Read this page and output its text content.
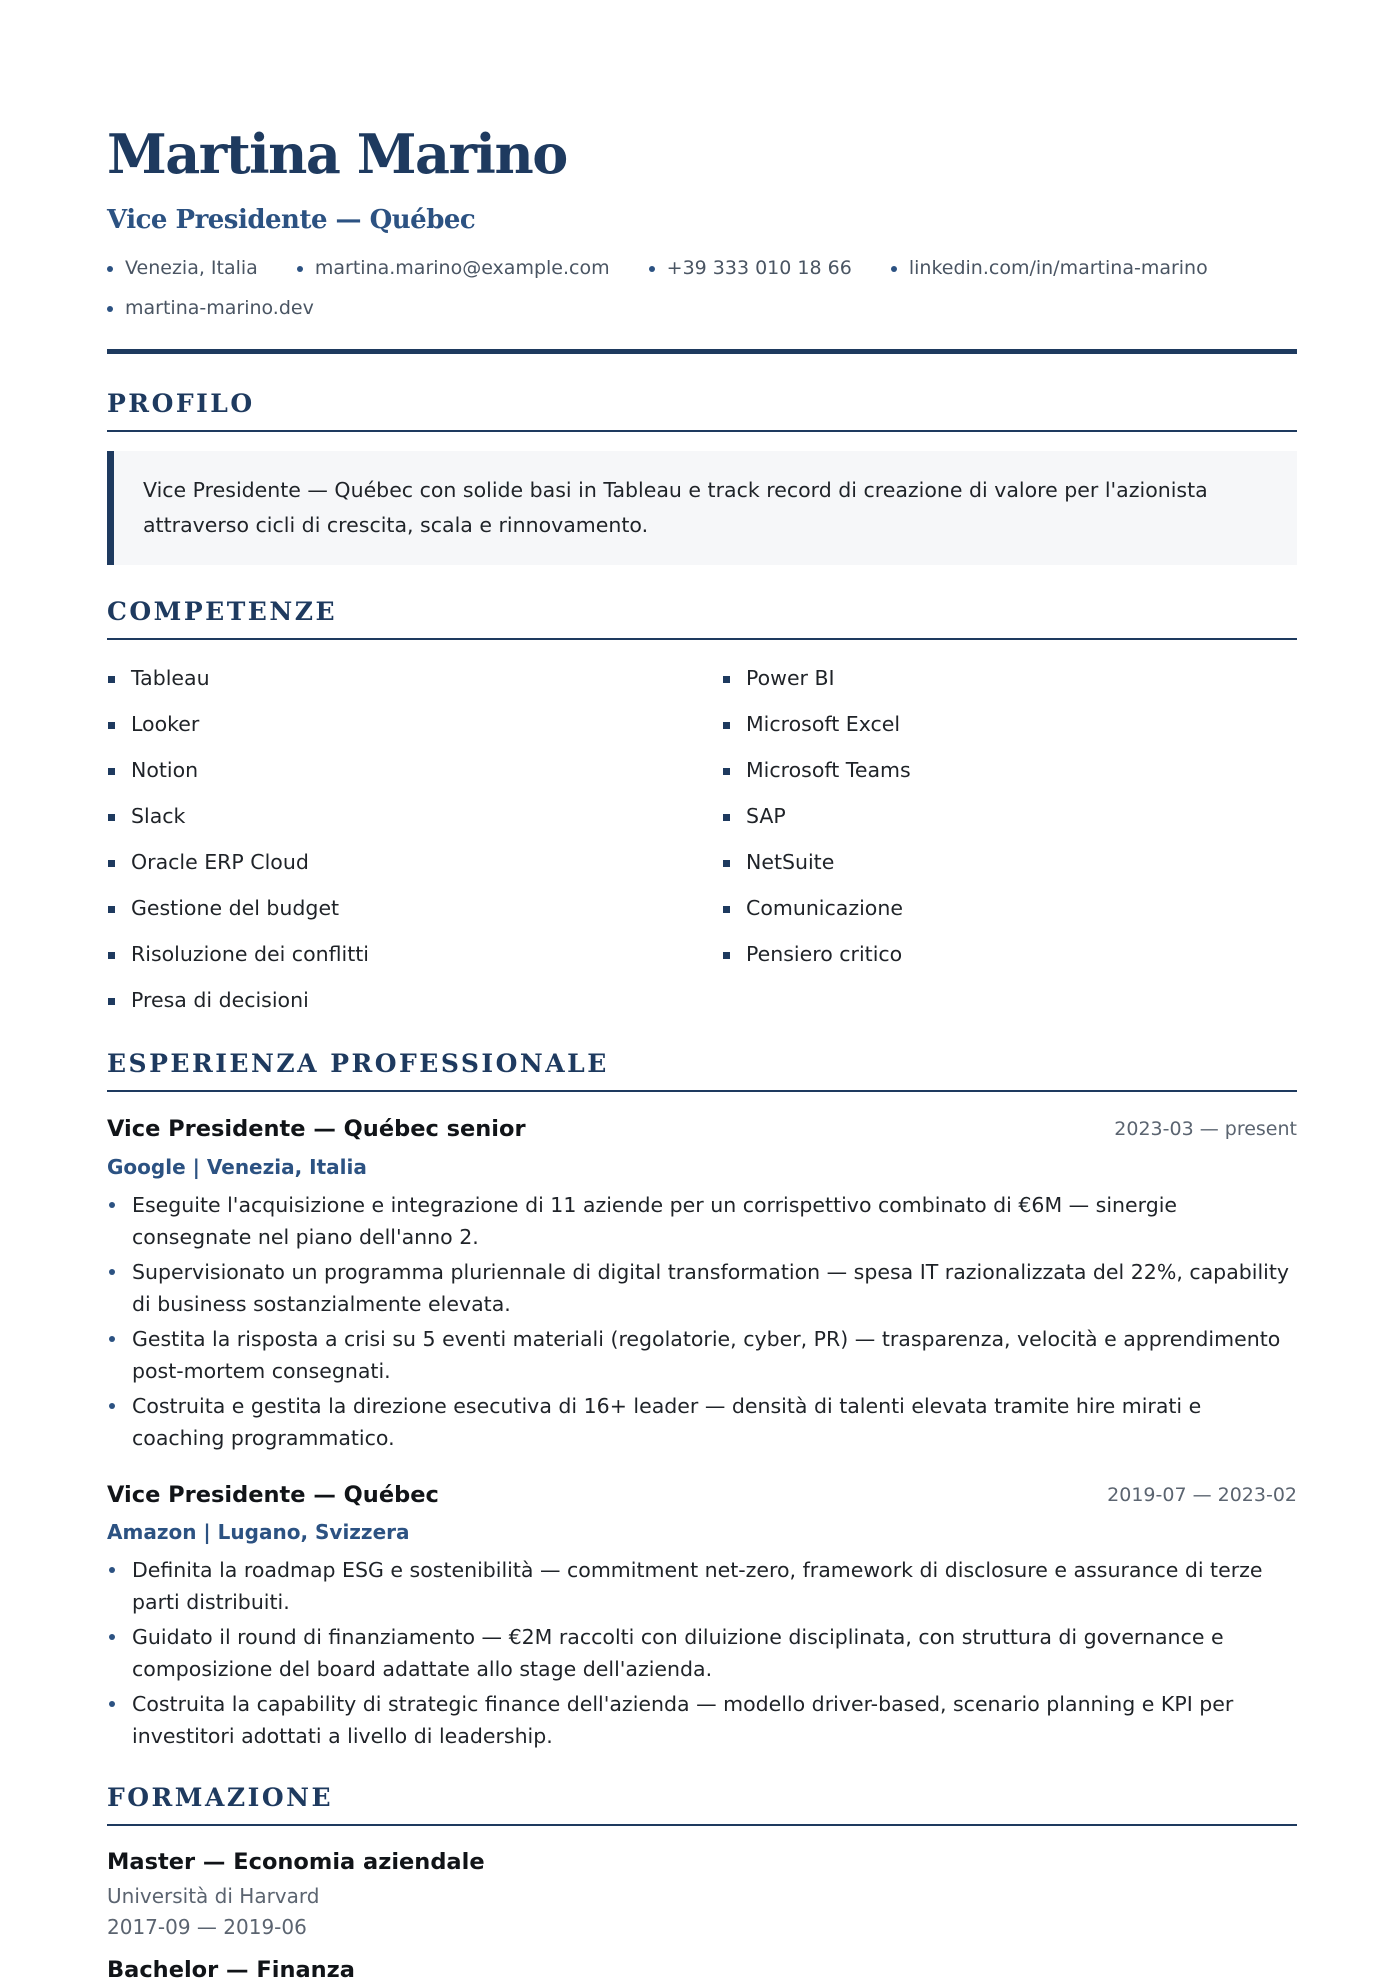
Martina Marino
Vice Presidente — Québec
Venezia, Italia	martina.marino@example.com	+39 333 010 18 66	linkedin.com/in/martina-marino
martina-marino.dev
PROFILO
Vice Presidente — Québec con solide basi in Tableau e track record di creazione di valore per l'azionista attraverso cicli di crescita, scala e rinnovamento.
COMPETENZE
Tableau
Looker
Notion
Slack
Oracle ERP Cloud
Gestione del budget
Risoluzione dei conflitti
Presa di decisioni
Power BI
Microsoft Excel
Microsoft Teams
SAP
NetSuite
Comunicazione
Pensiero critico
ESPERIENZA PROFESSIONALE
Vice Presidente — Québec senior	2023-03 — present
Google | Venezia, Italia
Eseguite l'acquisizione e integrazione di 11 aziende per un corrispettivo combinato di €6M — sinergie consegnate nel piano dell'anno 2.
Supervisionato un programma pluriennale di digital transformation — spesa IT razionalizzata del 22%, capability di business sostanzialmente elevata.
Gestita la risposta a crisi su 5 eventi materiali (regolatorie, cyber, PR) — trasparenza, velocità e apprendimento post-mortem consegnati.
Costruita e gestita la direzione esecutiva di 16+ leader — densità di talenti elevata tramite hire mirati e coaching programmatico.
Vice Presidente — Québec	2019-07 — 2023-02
Amazon | Lugano, Svizzera
Definita la roadmap ESG e sostenibilità — commitment net-zero, framework di disclosure e assurance di terze parti distribuiti.
Guidato il round di finanziamento — €2M raccolti con diluizione disciplinata, con struttura di governance e composizione del board adattate allo stage dell'azienda.
Costruita la capability di strategic finance dell'azienda — modello driver-based, scenario planning e KPI per investitori adottati a livello di leadership.
FORMAZIONE
Master — Economia aziendale
Università di Harvard
2017-09 — 2019-06
Bachelor — Finanza
